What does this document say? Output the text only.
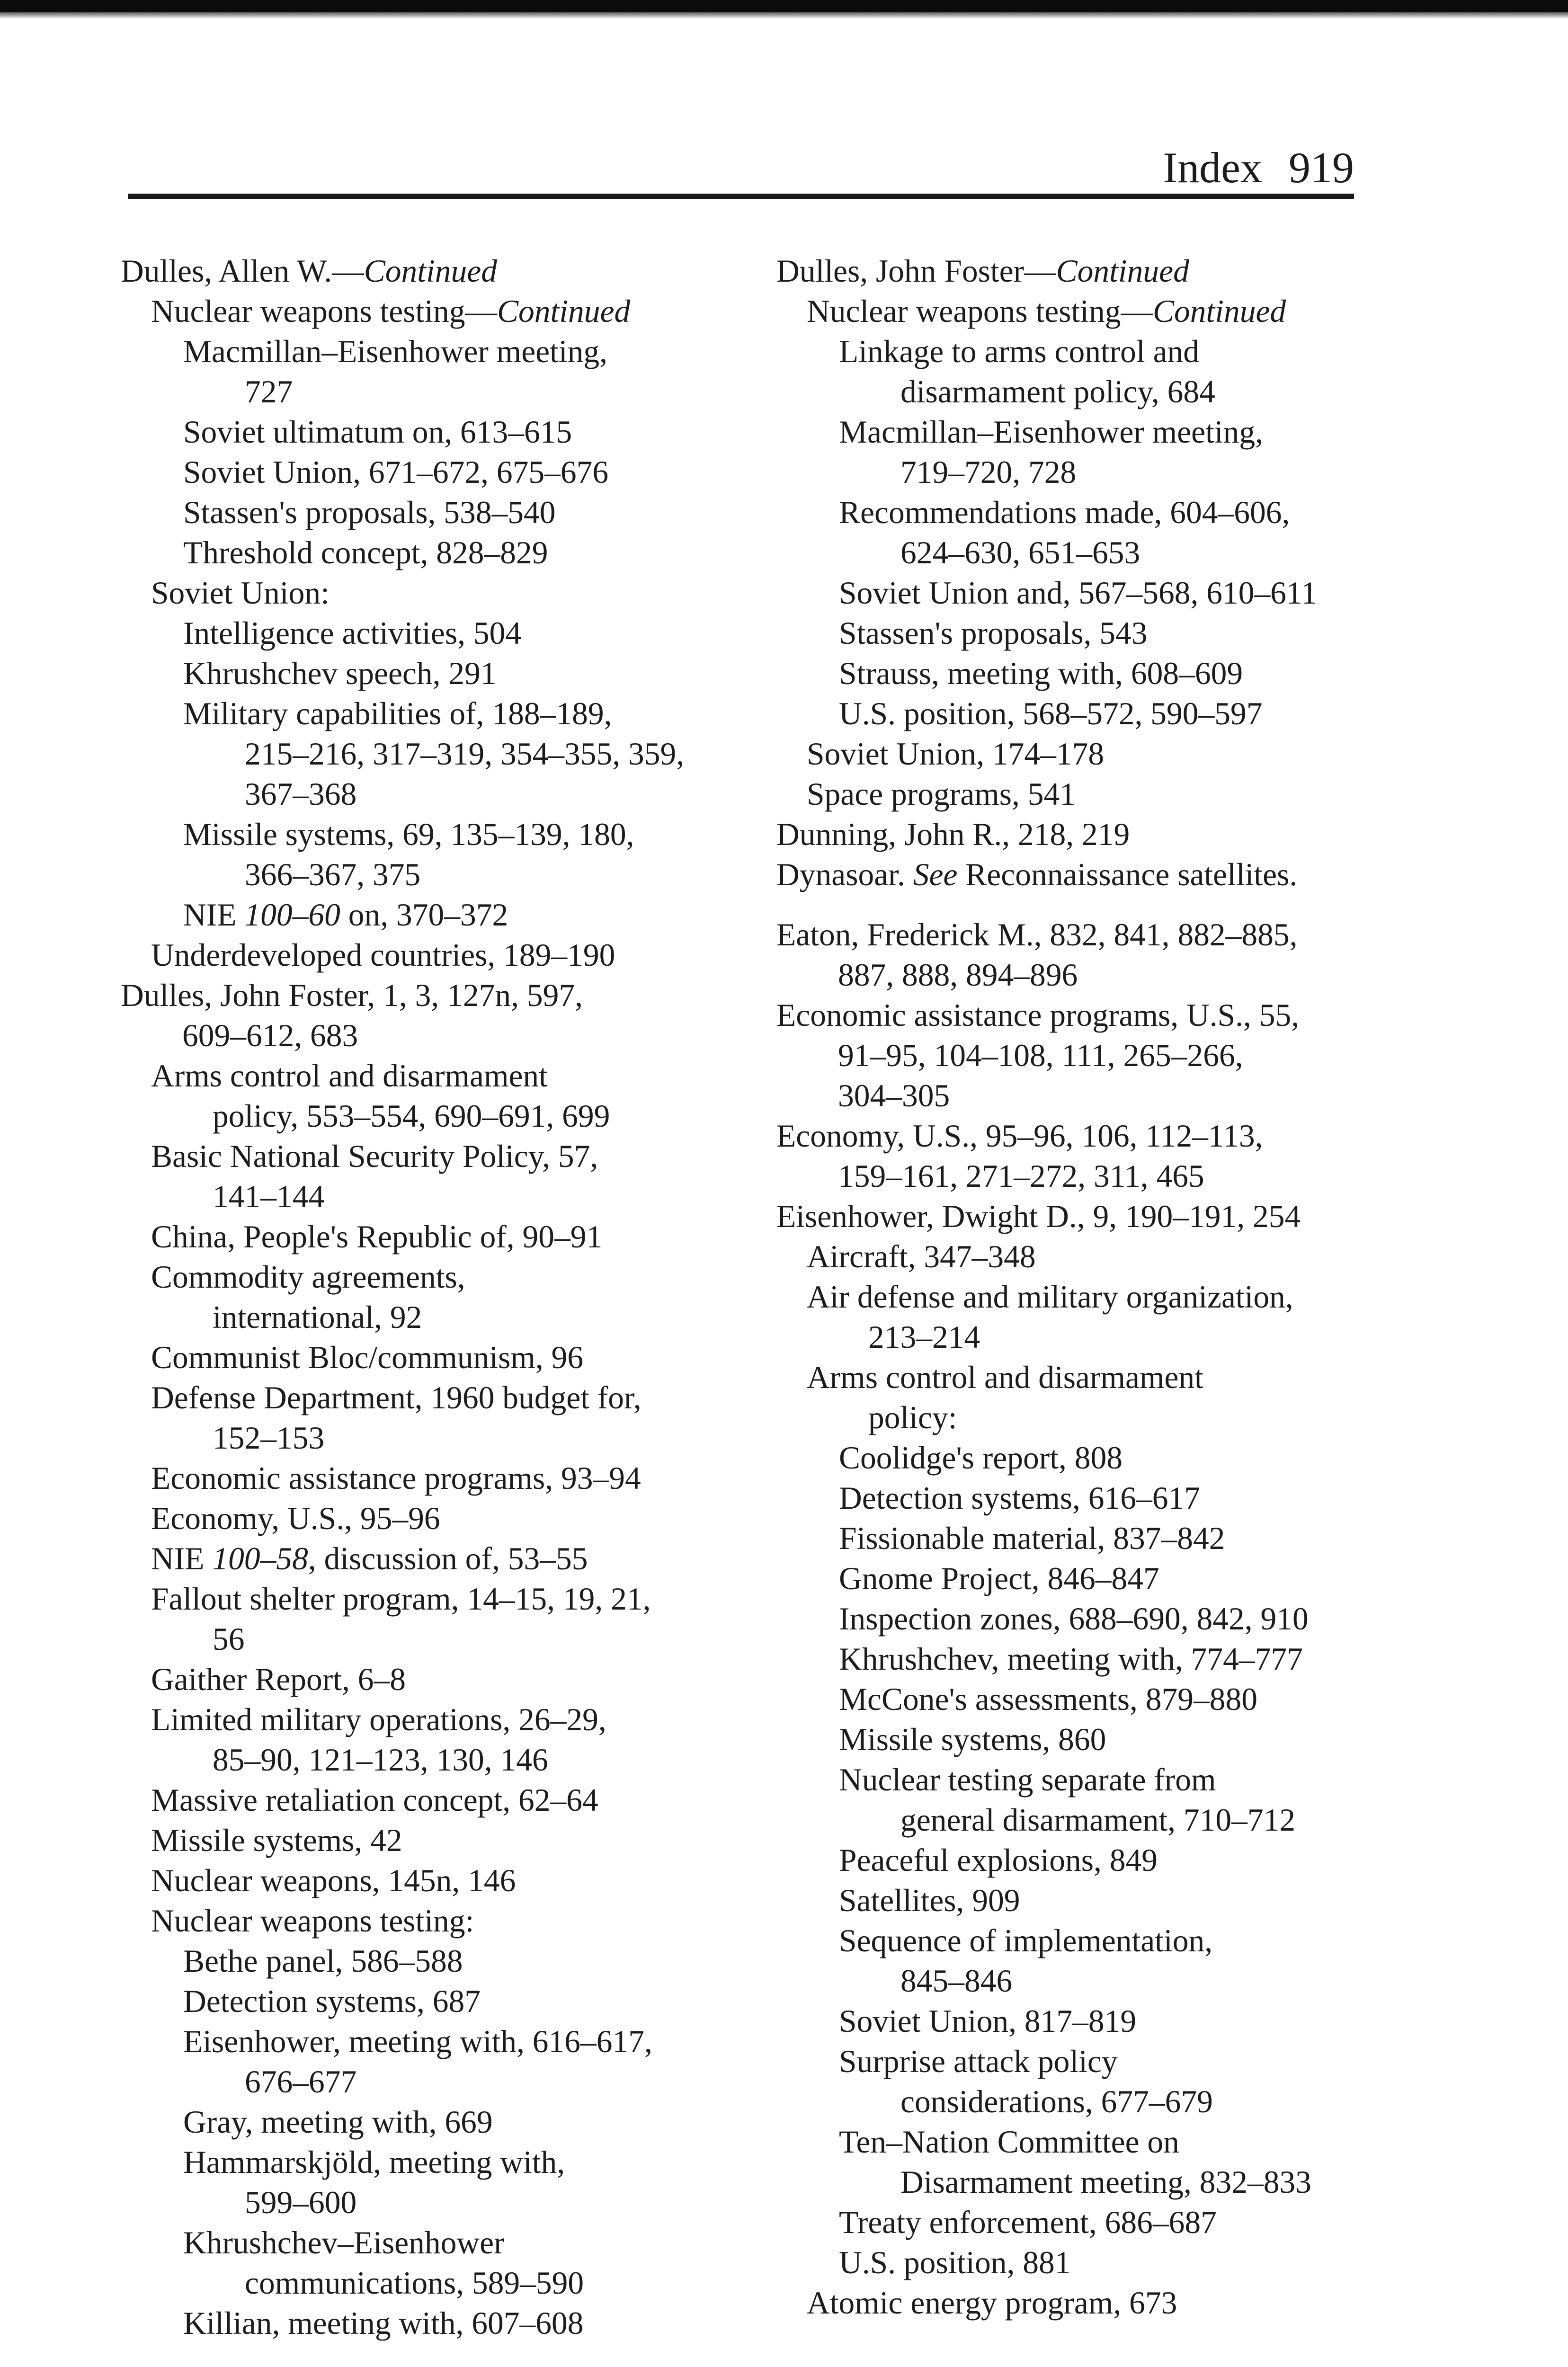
Index 919
Dulles, Allen W.—Continued
Nuclear weapons testing—Continued
Macmillan–Eisenhower meeting,
727
Soviet ultimatum on, 613–615
Soviet Union, 671–672, 675–676
Stassen's proposals, 538–540
Threshold concept, 828–829
Soviet Union:
Intelligence activities, 504
Khrushchev speech, 291
Military capabilities of, 188–189,
215–216, 317–319, 354–355, 359,
367–368
Missile systems, 69, 135–139, 180,
366–367, 375
NIE 100–60 on, 370–372
Underdeveloped countries, 189–190
Dulles, John Foster, 1, 3, 127n, 597,
609–612, 683
Arms control and disarmament
policy, 553–554, 690–691, 699
Basic National Security Policy, 57,
141–144
China, People's Republic of, 90–91
Commodity agreements,
international, 92
Communist Bloc/communism, 96
Defense Department, 1960 budget for,
152–153
Economic assistance programs, 93–94
Economy, U.S., 95–96
NIE 100–58, discussion of, 53–55
Fallout shelter program, 14–15, 19, 21,
56
Gaither Report, 6–8
Limited military operations, 26–29,
85–90, 121–123, 130, 146
Massive retaliation concept, 62–64
Missile systems, 42
Nuclear weapons, 145n, 146
Nuclear weapons testing:
Bethe panel, 586–588
Detection systems, 687
Eisenhower, meeting with, 616–617,
676–677
Gray, meeting with, 669
Hammarskjöld, meeting with,
599–600
Khrushchev–Eisenhower
communications, 589–590
Killian, meeting with, 607–608
Dulles, John Foster—Continued
Nuclear weapons testing—Continued
Linkage to arms control and
disarmament policy, 684
Macmillan–Eisenhower meeting,
719–720, 728
Recommendations made, 604–606,
624–630, 651–653
Soviet Union and, 567–568, 610–611
Stassen's proposals, 543
Strauss, meeting with, 608–609
U.S. position, 568–572, 590–597
Soviet Union, 174–178
Space programs, 541
Dunning, John R., 218, 219
Dynasoar. See Reconnaissance satellites.
Eaton, Frederick M., 832, 841, 882–885,
887, 888, 894–896
Economic assistance programs, U.S., 55,
91–95, 104–108, 111, 265–266,
304–305
Economy, U.S., 95–96, 106, 112–113,
159–161, 271–272, 311, 465
Eisenhower, Dwight D., 9, 190–191, 254
Aircraft, 347–348
Air defense and military organization,
213–214
Arms control and disarmament
policy:
Coolidge's report, 808
Detection systems, 616–617
Fissionable material, 837–842
Gnome Project, 846–847
Inspection zones, 688–690, 842, 910
Khrushchev, meeting with, 774–777
McCone's assessments, 879–880
Missile systems, 860
Nuclear testing separate from
general disarmament, 710–712
Peaceful explosions, 849
Satellites, 909
Sequence of implementation,
845–846
Soviet Union, 817–819
Surprise attack policy
considerations, 677–679
Ten–Nation Committee on
Disarmament meeting, 832–833
Treaty enforcement, 686–687
U.S. position, 881
Atomic energy program, 673
